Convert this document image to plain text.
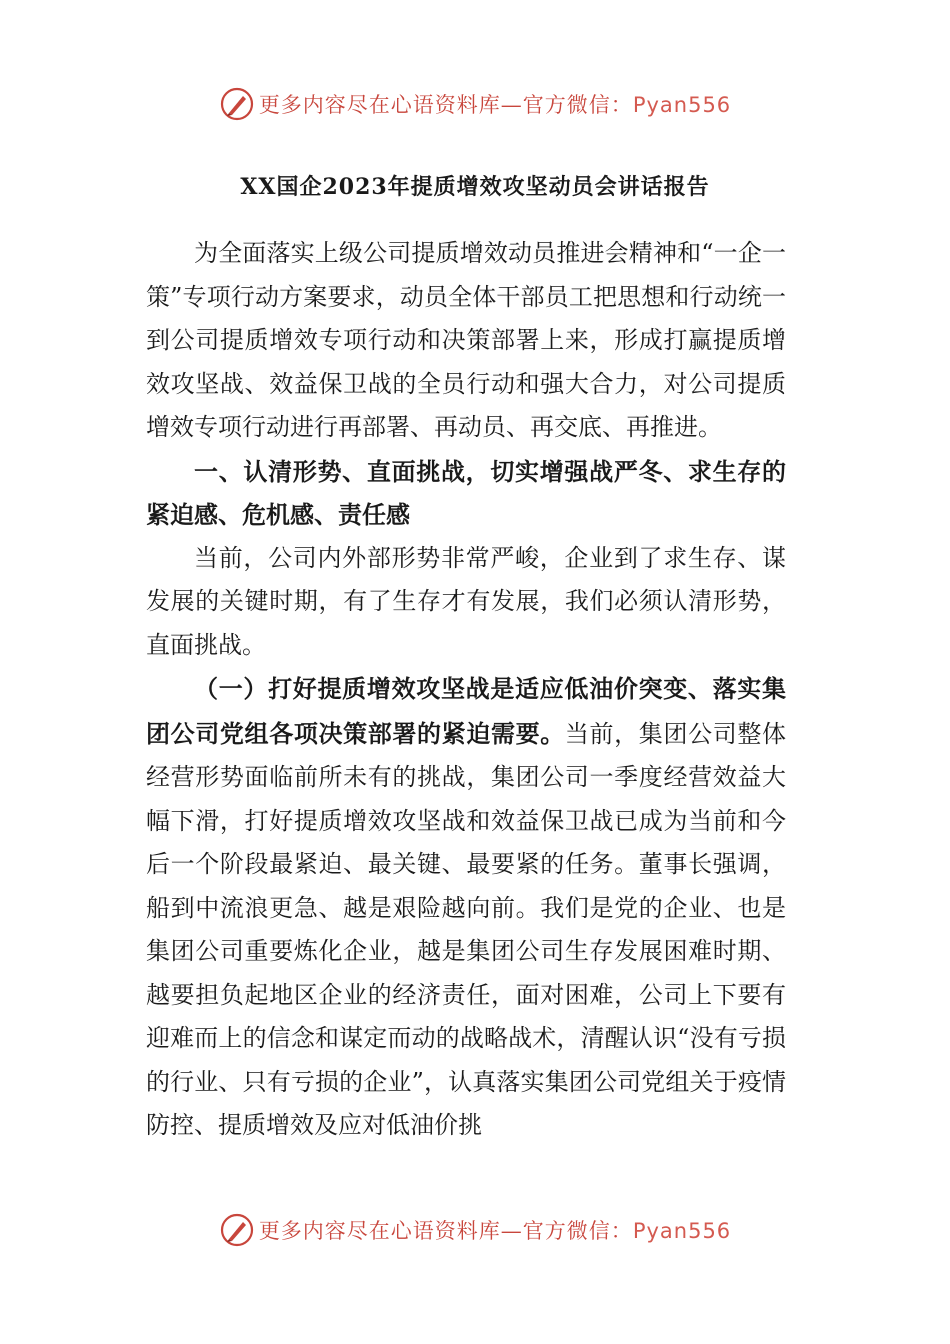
更多内容尽在心语资料库—官方微信：Pyan556
XX国企2023年提质增效攻坚动员会讲话报告

为全面落实上级公司提质增效动员推进会精神和“一企一策”专项行动方案要求，动员全体干部员工把思想和行动统一到公司提质增效专项行动和决策部署上来，形成打赢提质增效攻坚战、效益保卫战的全员行动和强大合力，对公司提质增效专项行动进行再部署、再动员、再交底、再推进。

一、认清形势、直面挑战，切实增强战严冬、求生存的紧迫感、危机感、责任感

当前，公司内外部形势非常严峻，企业到了求生存、谋发展的关键时期，有了生存才有发展，我们必须认清形势，直面挑战。

（一）打好提质增效攻坚战是适应低油价突变、落实集团公司党组各项决策部署的紧迫需要。当前，集团公司整体经营形势面临前所未有的挑战，集团公司一季度经营效益大幅下滑，打好提质增效攻坚战和效益保卫战已成为当前和今后一个阶段最紧迫、最关键、最要紧的任务。董事长强调，船到中流浪更急、越是艰险越向前。我们是党的企业、也是集团公司重要炼化企业，越是集团公司生存发展困难时期、越要担负起地区企业的经济责任，面对困难，公司上下要有迎难而上的信念和谋定而动的战略战术，清醒认识“没有亏损的行业、只有亏损的企业”，认真落实集团公司党组关于疫情防控、提质增效及应对低油价挑

更多内容尽在心语资料库—官方微信：Pyan556
